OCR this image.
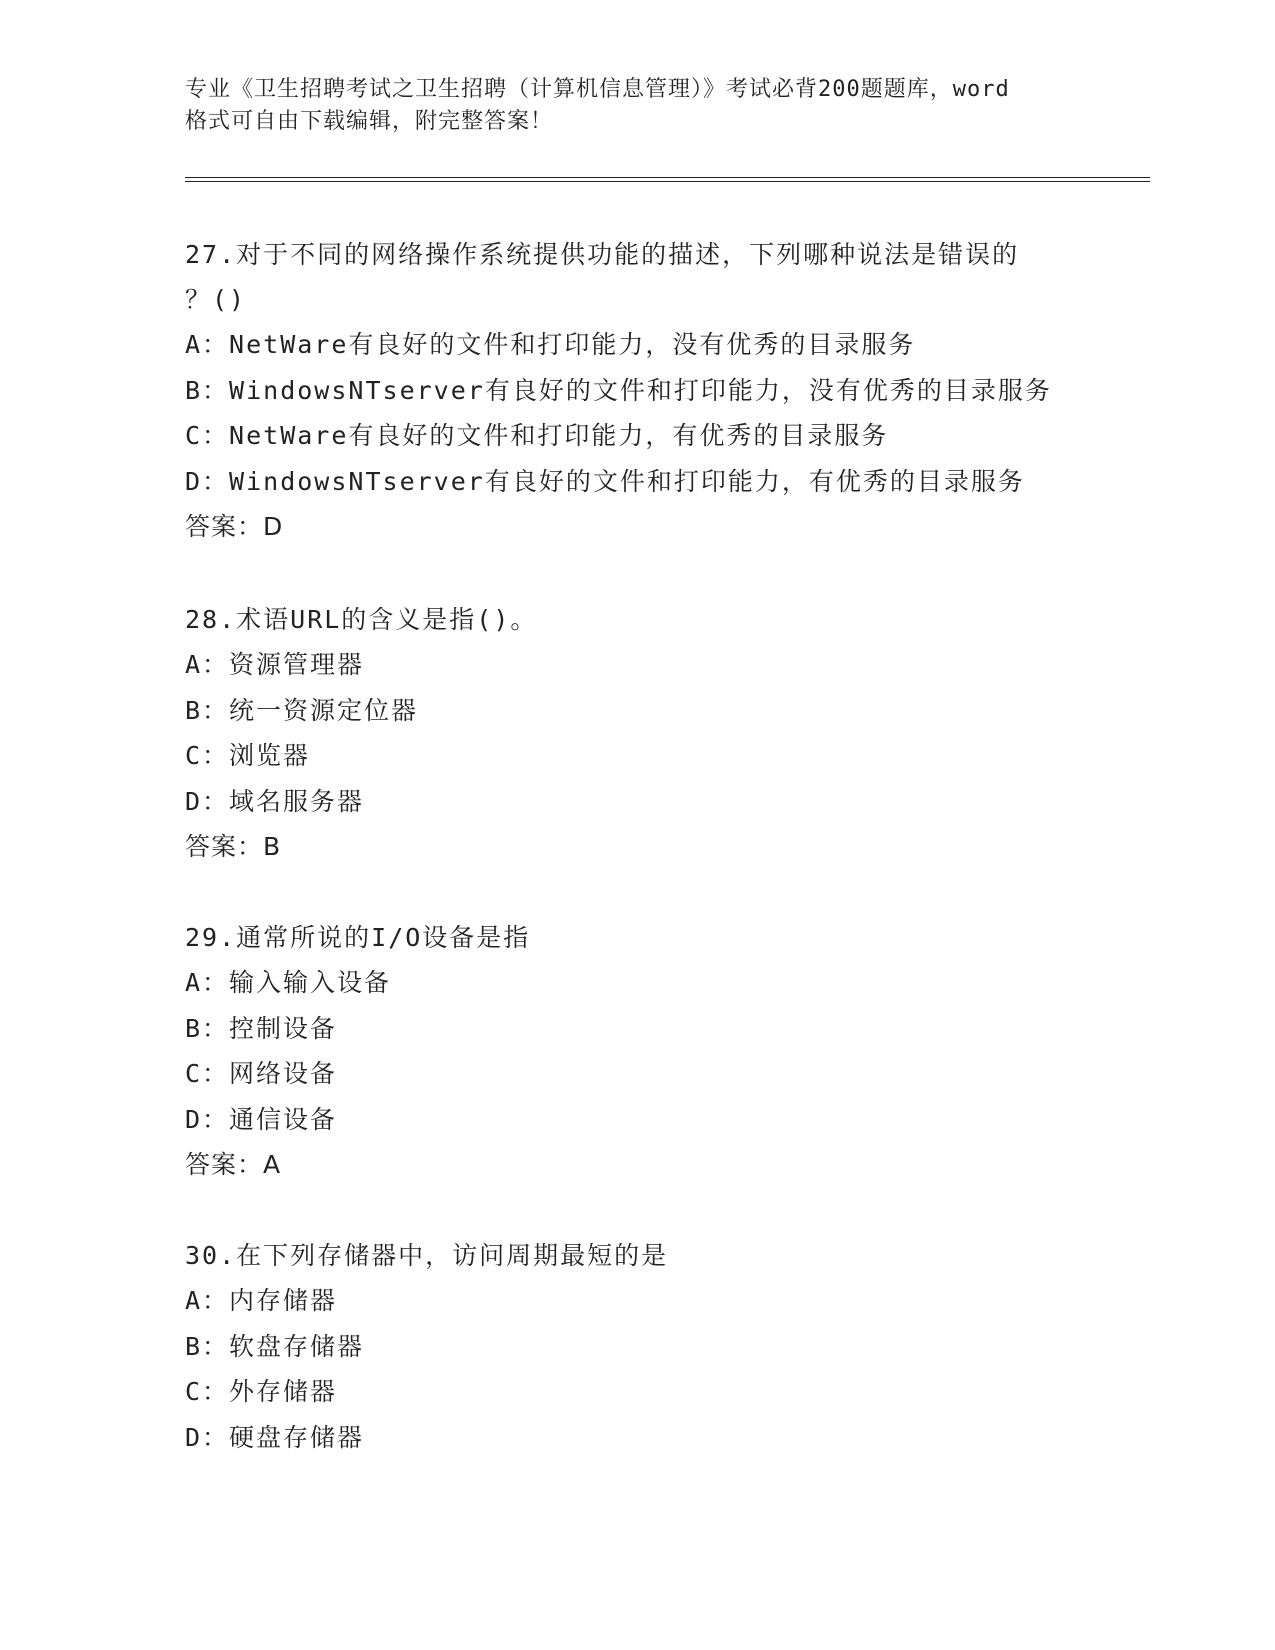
专业《卫生招聘考试之卫生招聘（计算机信息管理）》考试必背200题题库，word
格式可自由下载编辑，附完整答案！

27.对于不同的网络操作系统提供功能的描述，下列哪种说法是错误的

？()

A：NetWare有良好的文件和打印能力，没有优秀的目录服务

B：WindowsNTserver有良好的文件和打印能力，没有优秀的目录服务

C：NetWare有良好的文件和打印能力，有优秀的目录服务

D：WindowsNTserver有良好的文件和打印能力，有优秀的目录服务

答案：D

28.术语URL的含义是指()。

A：资源管理器

B：统一资源定位器

C：浏览器

D：域名服务器

答案：B

29.通常所说的I/O设备是指

A：输入输入设备

B：控制设备

C：网络设备

D：通信设备

答案：A

30.在下列存储器中，访问周期最短的是

A：内存储器

B：软盘存储器

C：外存储器

D：硬盘存储器
